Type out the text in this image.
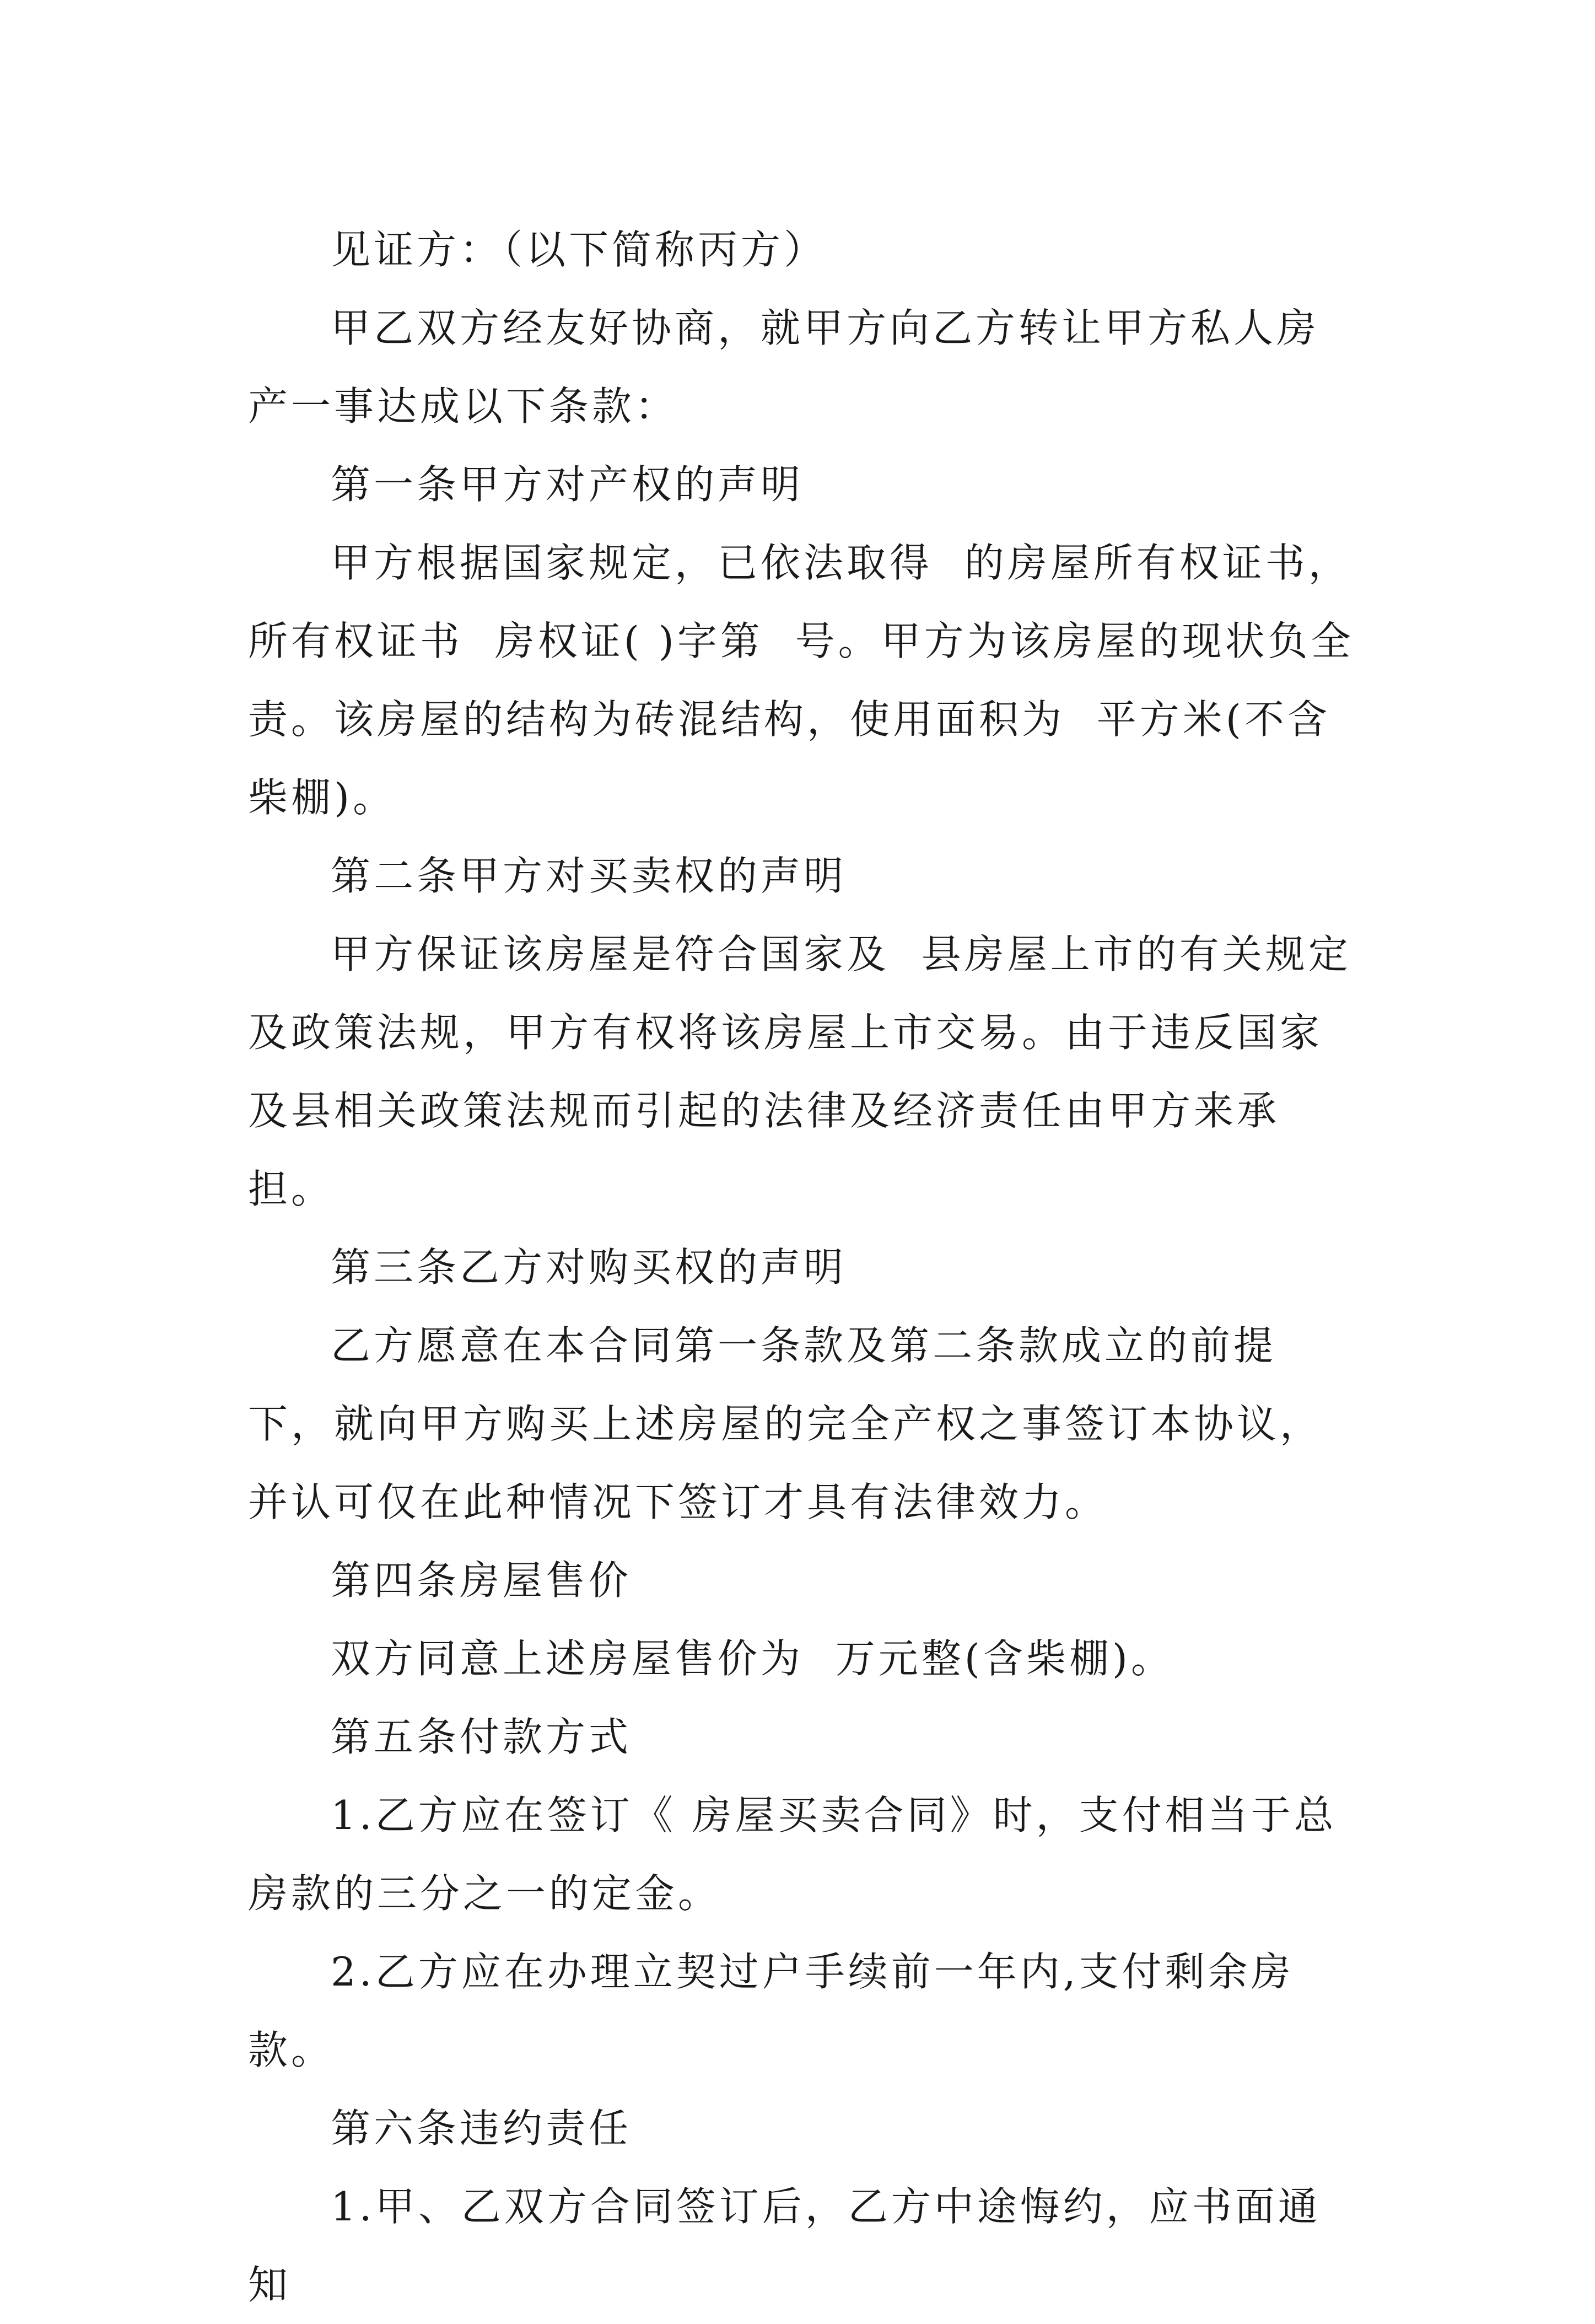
见证方：（以下简称丙方）

甲乙双方经友好协商，就甲方向乙方转让甲方私人房产一事达成以下条款：

第一条甲方对产权的声明

甲方根据国家规定，已依法取得  的房屋所有权证书，所有权证书  房权证( )字第  号。甲方为该房屋的现状负全责。该房屋的结构为砖混结构，使用面积为  平方米(不含柴棚)。

第二条甲方对买卖权的声明

甲方保证该房屋是符合国家及  县房屋上市的有关规定及政策法规，甲方有权将该房屋上市交易。由于违反国家及县相关政策法规而引起的法律及经济责任由甲方来承担。

第三条乙方对购买权的声明

乙方愿意在本合同第一条款及第二条款成立的前提下，就向甲方购买上述房屋的完全产权之事签订本协议，并认可仅在此种情况下签订才具有法律效力。

第四条房屋售价

双方同意上述房屋售价为  万元整(含柴棚)。

第五条付款方式

1.乙方应在签订《 房屋买卖合同》时，支付相当于总房款的三分之一的定金。

2.乙方应在办理立契过户手续前一年内,支付剩余房款。

第六条违约责任

1.甲、乙双方合同签订后，乙方中途悔约，应书面通知
